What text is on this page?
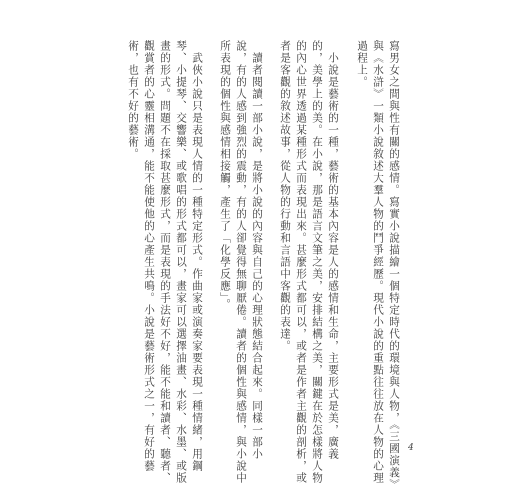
寫男女之間與性有關的感情。寫實小說描繪一個特定時代的環境與人物，《三國演義》
與《水滸》一類小說敘述大羣人物的鬥爭經歷。現代小說的重點往往放在人物的心理
過程上。
小說是藝術的一種，藝術的基本內容是人的感情和生命，主要形式是美，廣義
的，美學上的美。在小說，那是語言文筆之美，安排結構之美，關鍵在於怎樣將人物
的內心世界透過某種形式而表現出來。甚麼形式都可以，或者是作者主觀的剖析，或
者是客觀的敘述故事，從人物的行動和言語中客觀的表達。
讀者閱讀一部小說，是將小說的內容與自己的心理狀態結合起來。同樣一部小
說，有的人感到強烈的震動，有的人卻覺得無聊厭倦。讀者的個性與感情，與小說中
所表現的個性與感情相接觸，產生了「化學反應」。
武俠小說只是表現人情的一種特定形式。作曲家或演奏家要表現一種情緒，用鋼
琴、小提琴、交響樂、或歌唱的形式都可以，畫家可以選擇油畫、水彩、水墨、或版
畫的形式。問題不在採取甚麼形式，而是表現的手法好不好，能不能和讀者、聽者、
觀賞者的心靈相溝通，能不能使他的心產生共鳴。小說是藝術形式之一，有好的藝
術，也有不好的藝術。
4
